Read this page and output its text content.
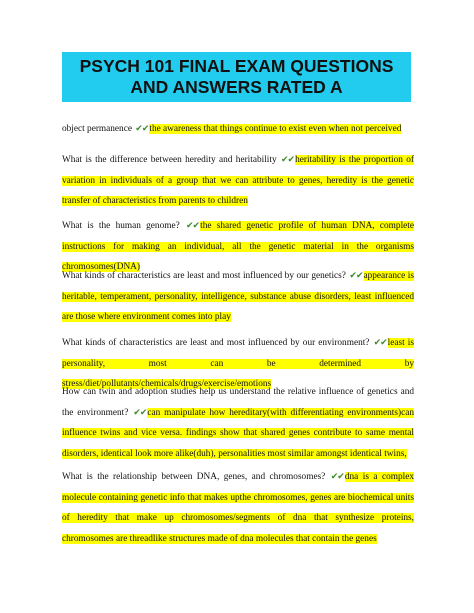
PSYCH 101 FINAL EXAM QUESTIONS AND ANSWERS RATED A
object permanence ✔✔the awareness that things continue to exist even when not perceived
What is the difference between heredity and heritability ✔✔heritability is the proportion of variation in individuals of a group that we can attribute to genes, heredity is the genetic transfer of characteristics from parents to children
What is the human genome? ✔✔the shared genetic profile of human DNA, complete instructions for making an individual, all the genetic material in the organisms chromosomes(DNA)
What kinds of characteristics are least and most influenced by our genetics? ✔✔appearance is heritable, temperament, personality, intelligence, substance abuse disorders, least influenced are those where environment comes into play
What kinds of characteristics are least and most influenced by our environment? ✔✔least is personality, most can be determined by stress/diet/pollutants/chemicals/drugs/exercise/emotions
How can twin and adoption studies help us understand the relative influence of genetics and the environment? ✔✔can manipulate how hereditary(with differentiating environments)can influence twins and vice versa. findings show that shared genes contribute to same mental disorders, identical look more alike(duh), personalities most similar amongst identical twins,
What is the relationship between DNA, genes, and chromosomes? ✔✔dna is a complex molecule containing genetic info that makes upthe chromosomes, genes are biochemical units of heredity that make up chromosomes/segments of dna that synthesize proteins, chromosomes are threadlike structures made of dna molecules that contain the genes
